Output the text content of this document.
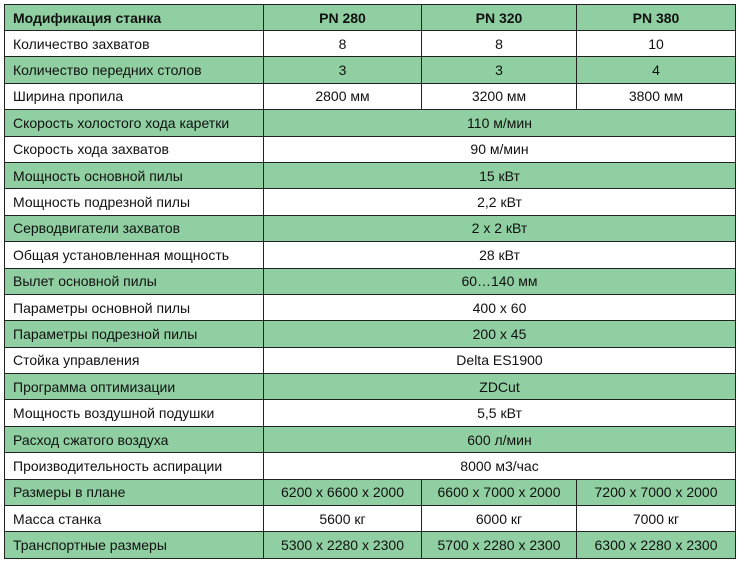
Модификация станка	PN 280	PN 320	PN 380
Количество захватов	8	8	10
Количество передних столов	3	3	4
Ширина пропила	2800 мм	3200 мм	3800 мм
Скорость холостого хода каретки	110 м/мин		
Скорость хода захватов	90 м/мин		
Мощность основной пилы	15 кВт		
Мощность подрезной пилы	2,2 кВт		
Серводвигатели захватов	2 х 2 кВт		
Общая установленная мощность	28 кВт		
Вылет основной пилы	60…140 мм		
Параметры основной пилы	400 х 60		
Параметры подрезной пилы	200 х 45		
Стойка управления	Delta ES1900		
Программа оптимизации	ZDCut		
Мощность воздушной подушки	5,5 кВт		
Расход сжатого воздуха	600 л/мин		
Производительность аспирации	8000 м3/час		
Размеры в плане	6200 х 6600 х 2000	6600 х 7000 х 2000	7200 х 7000 х 2000
Масса станка	5600 кг	6000 кг	7000 кг
Транспортные размеры	5300 х 2280 х 2300	5700 х 2280 х 2300	6300 х 2280 х 2300
